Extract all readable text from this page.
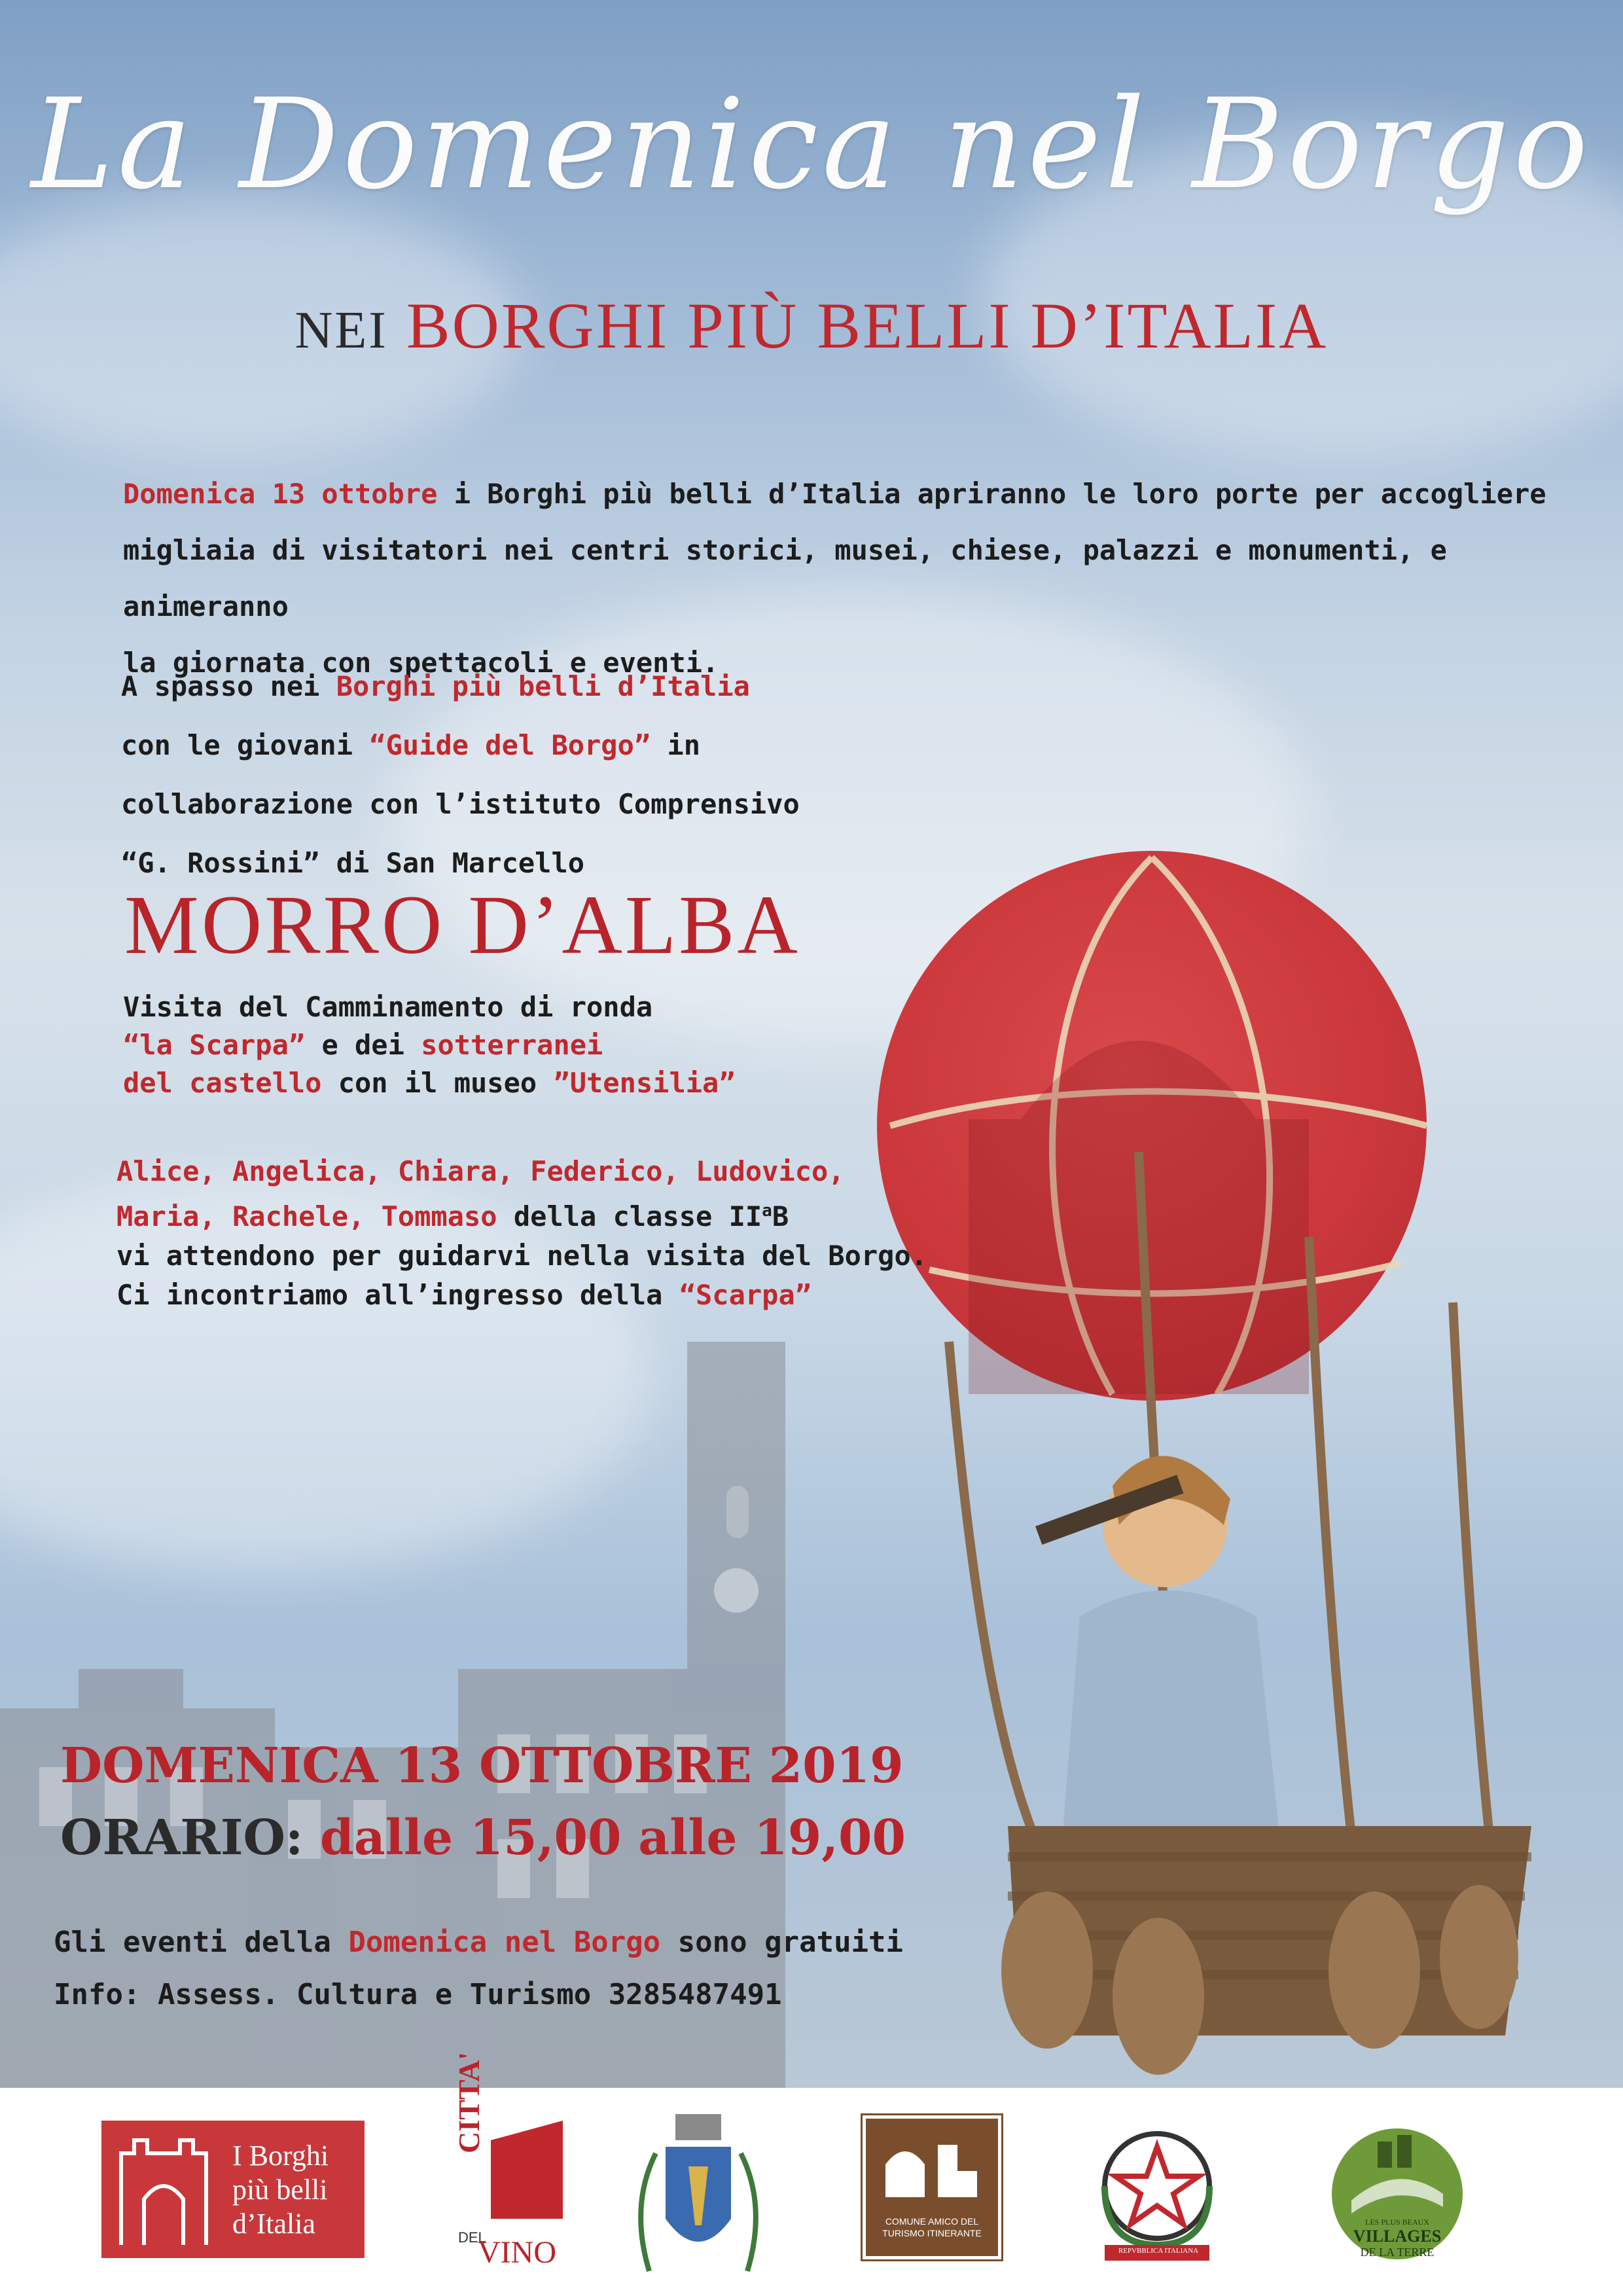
La Domenica nel Borgo
NEI BORGHI PIÙ BELLI D’ITALIA
Domenica 13 ottobre i Borghi più belli d’Italia apriranno le loro porte per accogliere
migliaia di visitatori nei centri storici, musei, chiese, palazzi e monumenti, e animeranno
la giornata con spettacoli e eventi.
A spasso nei Borghi più belli d’Italia
con le giovani “Guide del Borgo” in
collaborazione con l’istituto Comprensivo
“G. Rossini” di San Marcello
MORRO D’ALBA
Visita del Camminamento di ronda
“la Scarpa” e dei sotterranei
del castello con il museo ”Utensilia”
Alice, Angelica, Chiara, Federico, Ludovico,
Maria, Rachele, Tommaso della classe $II^aB$
vi attendono per guidarvi nella visita del Borgo.
Ci incontriamo all’ingresso della “Scarpa”
DOMENICA 13 OTTOBRE 2019
ORARIO: dalle 15,00 alle 19,00
Gli eventi della Domenica nel Borgo sono gratuiti
Info: Assess. Cultura e Turismo 3285487491
I Borghi
più belli
d’Italia
CITTA'
DEL
VINO
COMUNE AMICO DEL
TURISMO ITINERANTE
REPVBBLICA ITALIANA
LES PLUS BEAUX
VILLAGES
DE LA TERRE
